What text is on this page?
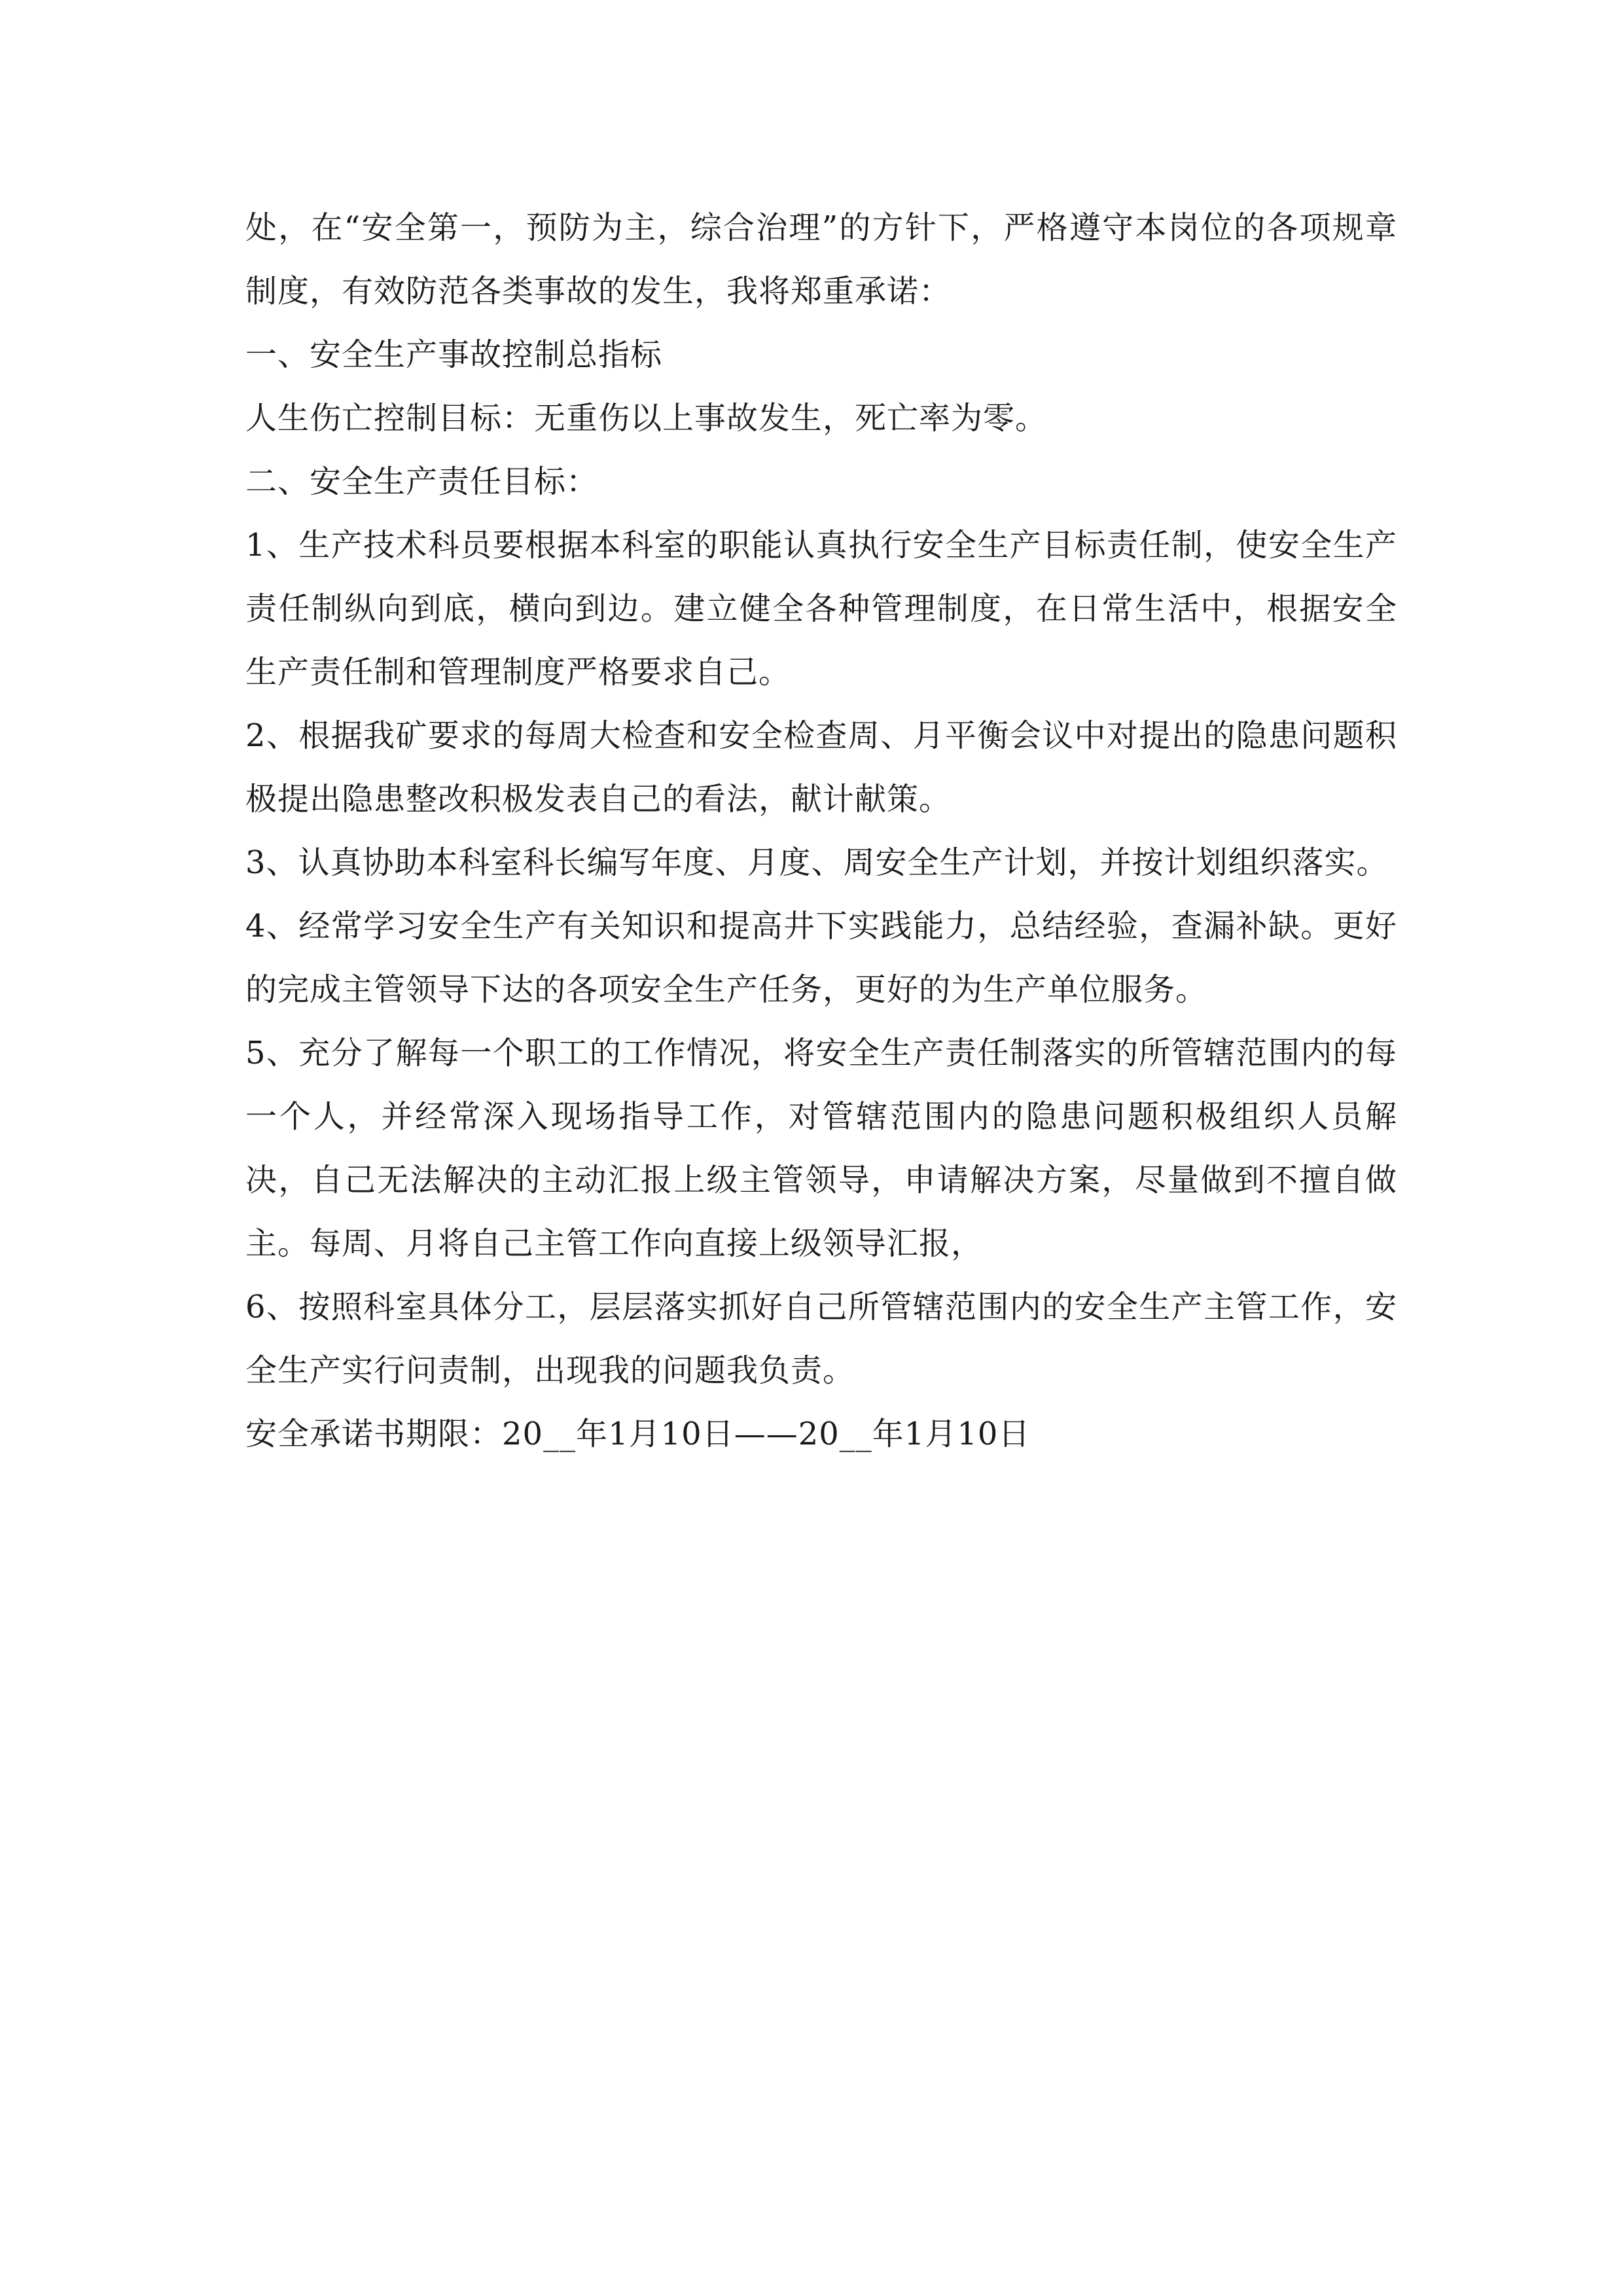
处，在“安全第一，预防为主，综合治理”的方针下，严格遵守本岗位的各项规章制度，有效防范各类事故的发生，我将郑重承诺：

一、安全生产事故控制总指标

人生伤亡控制目标：无重伤以上事故发生，死亡率为零。

二、安全生产责任目标：

1、生产技术科员要根据本科室的职能认真执行安全生产目标责任制，使安全生产责任制纵向到底，横向到边。建立健全各种管理制度，在日常生活中，根据安全生产责任制和管理制度严格要求自己。

2、根据我矿要求的每周大检查和安全检查周、月平衡会议中对提出的隐患问题积极提出隐患整改积极发表自己的看法，献计献策。

3、认真协助本科室科长编写年度、月度、周安全生产计划，并按计划组织落实。

4、经常学习安全生产有关知识和提高井下实践能力，总结经验，查漏补缺。更好的完成主管领导下达的各项安全生产任务，更好的为生产单位服务。

5、充分了解每一个职工的工作情况，将安全生产责任制落实的所管辖范围内的每一个人，并经常深入现场指导工作，对管辖范围内的隐患问题积极组织人员解决，自己无法解决的主动汇报上级主管领导，申请解决方案，尽量做到不擅自做主。每周、月将自己主管工作向直接上级领导汇报，

6、按照科室具体分工，层层落实抓好自己所管辖范围内的安全生产主管工作，安全生产实行问责制，出现我的问题我负责。

安全承诺书期限：20__年1月10日——20__年1月10日
